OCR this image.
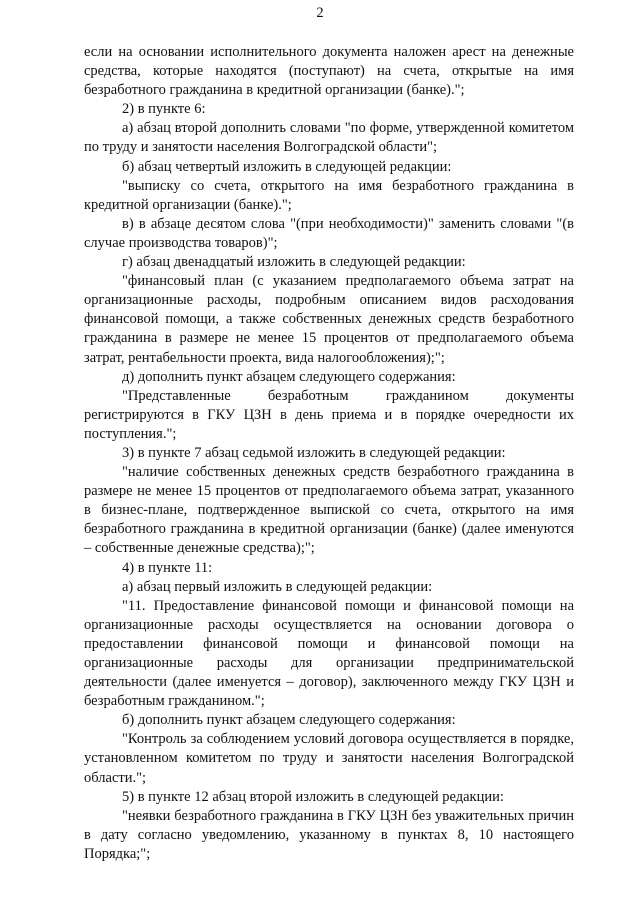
2

если на основании исполнительного документа наложен арест на денежные средства, которые находятся (поступают) на счета, открытые на имя безработного гражданина в кредитной организации (банке).";

2) в пункте 6:

а) абзац второй дополнить словами "по форме, утвержденной комитетом по труду и занятости населения Волгоградской области";

б) абзац четвертый изложить в следующей редакции:

"выписку со счета, открытого на имя безработного гражданина в кредитной организации (банке).";

в) в абзаце десятом слова "(при необходимости)" заменить словами "(в случае производства товаров)";

г) абзац двенадцатый изложить в следующей редакции:

"финансовый план (с указанием предполагаемого объема затрат на организационные расходы, подробным описанием видов расходования финансовой помощи, а также собственных денежных средств безработного гражданина в размере не менее 15 процентов от предполагаемого объема затрат, рентабельности проекта, вида налогообложения);";

д) дополнить пункт абзацем следующего содержания:

"Представленные безработным гражданином документы регистрируются в ГКУ ЦЗН в день приема и в порядке очередности их поступления.";

3) в пункте 7 абзац седьмой изложить в следующей редакции:

"наличие собственных денежных средств безработного гражданина в размере не менее 15 процентов от предполагаемого объема затрат, указанного в бизнес-плане, подтвержденное выпиской со счета, открытого на имя безработного гражданина в кредитной организации (банке) (далее именуются – собственные денежные средства);";

4) в пункте 11:

а) абзац первый изложить в следующей редакции:

"11. Предоставление финансовой помощи и финансовой помощи на организационные расходы осуществляется на основании договора о предоставлении финансовой помощи и финансовой помощи на организационные расходы для организации предпринимательской деятельности (далее именуется – договор), заключенного между ГКУ ЦЗН и безработным гражданином.";

б) дополнить пункт абзацем следующего содержания:

"Контроль за соблюдением условий договора осуществляется в порядке, установленном комитетом по труду и занятости населения Волгоградской области.";

5) в пункте 12 абзац второй изложить в следующей редакции:

"неявки безработного гражданина в ГКУ ЦЗН без уважительных причин в дату согласно уведомлению, указанному в пунктах 8, 10 настоящего Порядка;";
